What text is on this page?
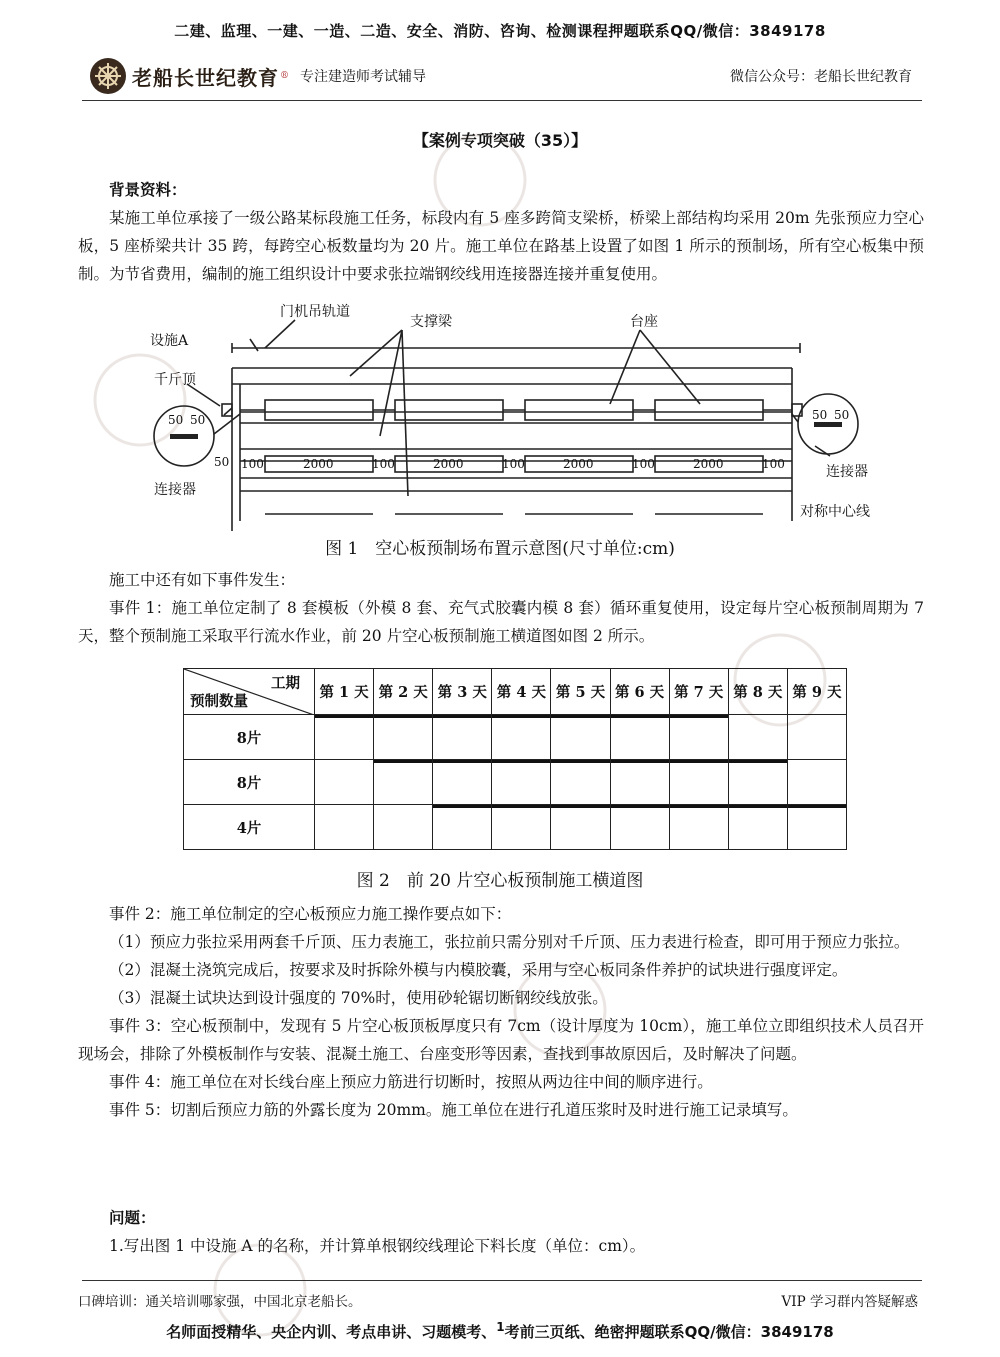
二建、监理、一建、一造、二造、安全、消防、咨询、检测课程押题联系QQ/微信：3849178
老船长世纪教育 ® 专注建造师考试辅导	微信公众号：老船长世纪教育
【案例专项突破（35）】

背景资料：

某施工单位承接了一级公路某标段施工任务，标段内有 5 座多跨简支梁桥，桥梁上部结构均采用 20m 先张预应力空心板，5 座桥梁共计 35 跨，每跨空心板数量均为 20 片。施工单位在路基上设置了如图 1 所示的预制场，所有空心板集中预制。为节省费用，编制的施工组织设计中要求张拉端钢绞线用连接器连接并重复使用。

设施A
门机吊轨道
支撑梁	台座
千斤顶
连接器
连接器
对称中心线
50 50	50 50
50 100	2000	100	2000	100	2000	100	2000	100
图 1　空心板预制场布置示意图(尺寸单位:cm)

施工中还有如下事件发生：

事件 1：施工单位定制了 8 套模板（外模 8 套、充气式胶囊内模 8 套）循环重复使用，设定每片空心板预制周期为 7 天，整个预制施工采取平行流水作业，前 20 片空心板预制施工横道图如图 2 所示。

工期
预制数量	第 1 天	第 2 天	第 3 天	第 4 天	第 5 天	第 6 天	第 7 天	第 8 天	第 9 天
8片	

8片		

4片			

图 2　前 20 片空心板预制施工横道图

事件 2：施工单位制定的空心板预应力施工操作要点如下：

（1）预应力张拉采用两套千斤顶、压力表施工，张拉前只需分别对千斤顶、压力表进行检查，即可用于预应力张拉。

（2）混凝土浇筑完成后，按要求及时拆除外模与内模胶囊，采用与空心板同条件养护的试块进行强度评定。

（3）混凝土试块达到设计强度的 70%时，使用砂轮锯切断钢绞线放张。

事件 3：空心板预制中，发现有 5 片空心板顶板厚度只有 7cm（设计厚度为 10cm），施工单位立即组织技术人员召开现场会，排除了外模板制作与安装、混凝土施工、台座变形等因素，查找到事故原因后，及时解决了问题。

事件 4：施工单位在对长线台座上预应力筋进行切断时，按照从两边往中间的顺序进行。

事件 5：切割后预应力筋的外露长度为 20mm。施工单位在进行孔道压浆时及时进行施工记录填写。

问题：

1.写出图 1 中设施 A 的名称，并计算单根钢绞线理论下料长度（单位：cm）。

口碑培训：通关培训哪家强，中国北京老船长。	VIP 学习群内答疑解惑
名师面授精华、央企内训、考点串讲、习题模考、$^1$考前三页纸、绝密押题联系QQ/微信：3849178
